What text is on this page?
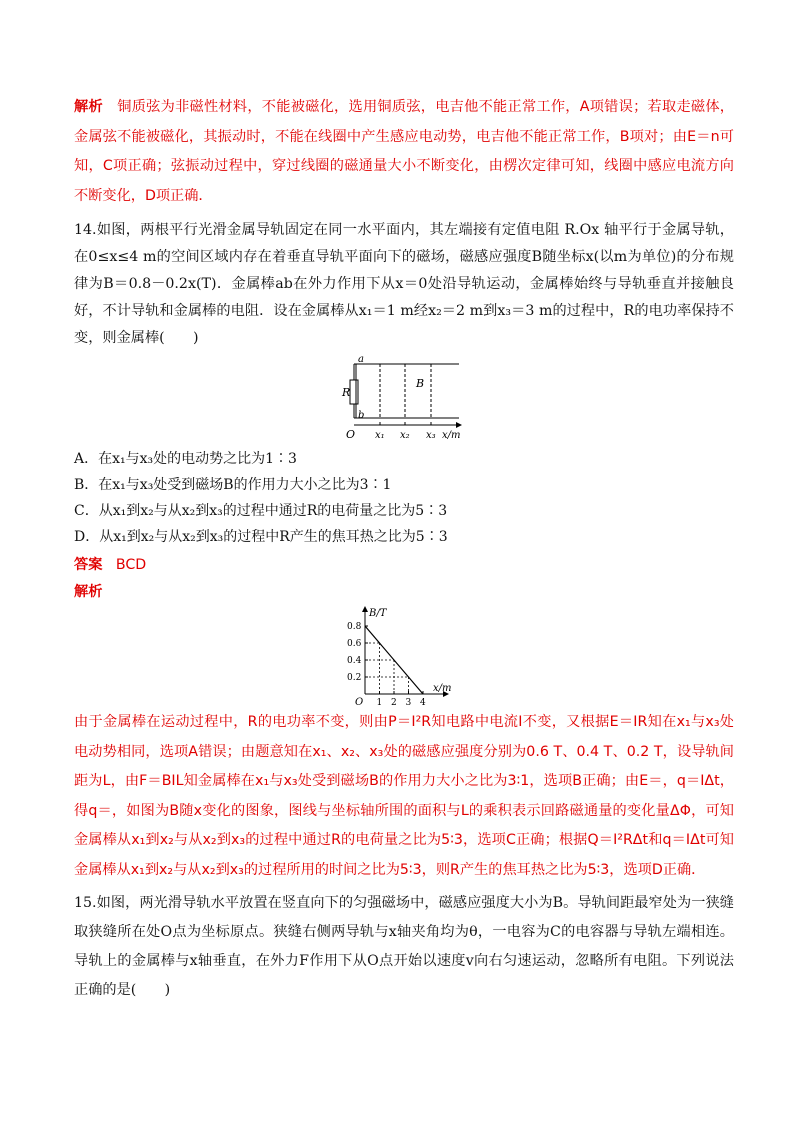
解析 铜质弦为非磁性材料，不能被磁化，选用铜质弦，电吉他不能正常工作，A项错误；若取走磁体，金属弦不能被磁化，其振动时，不能在线圈中产生感应电动势，电吉他不能正常工作，B项对；由E＝n可知，C项正确；弦振动过程中，穿过线圈的磁通量大小不断变化，由楞次定律可知，线圈中感应电流方向不断变化，D项正确．

14.如图，两根平行光滑金属导轨固定在同一水平面内，其左端接有定值电阻 R.Ox 轴平行于金属导轨，在0≤x≤4 m的空间区域内存在着垂直导轨平面向下的磁场，磁感应强度B随坐标x(以m为单位)的分布规律为B＝0.8－0.2x(T)．金属棒ab在外力作用下从x＝0处沿导轨运动，金属棒始终与导轨垂直并接触良好，不计导轨和金属棒的电阻．设在金属棒从x₁＝1 m经x₂＝2 m到x₃＝3 m的过程中，R的电功率保持不变，则金属棒(　　)

R
a
b
B
O x₁ x₂ x₃ x/m

A．在x₁与x₃处的电动势之比为1∶3

B．在x₁与x₃处受到磁场B的作用力大小之比为3∶1

C．从x₁到x₂与从x₂到x₃的过程中通过R的电荷量之比为5∶3

D．从x₁到x₂与从x₂到x₃的过程中R产生的焦耳热之比为5∶3

答案 BCD

解析

1 2 3 4
0.2
0.4
0.6
0.8
B/T
x/m
O

由于金属棒在运动过程中，R的电功率不变，则由P＝I²R知电路中电流I不变，又根据E＝IR知在x₁与x₃处电动势相同，选项A错误；由题意知在x₁、x₂、x₃处的磁感应强度分别为0.6 T、0.4 T、0.2 T，设导轨间距为L，由F＝BIL知金属棒在x₁与x₃处受到磁场B的作用力大小之比为3∶1，选项B正确；由E＝，q＝IΔt，得q＝，如图为B随x变化的图象，图线与坐标轴所围的面积与L的乘积表示回路磁通量的变化量ΔΦ，可知金属棒从x₁到x₂与从x₂到x₃的过程中通过R的电荷量之比为5∶3，选项C正确；根据Q＝I²RΔt和q＝IΔt可知金属棒从x₁到x₂与从x₂到x₃的过程所用的时间之比为5∶3，则R产生的焦耳热之比为5∶3，选项D正确．

15.如图，两光滑导轨水平放置在竖直向下的匀强磁场中，磁感应强度大小为B。导轨间距最窄处为一狭缝取狭缝所在处O点为坐标原点。狭缝右侧两导轨与x轴夹角均为θ，一电容为C的电容器与导轨左端相连。导轨上的金属棒与x轴垂直，在外力F作用下从O点开始以速度v向右匀速运动，忽略所有电阻。下列说法正确的是(　　)
